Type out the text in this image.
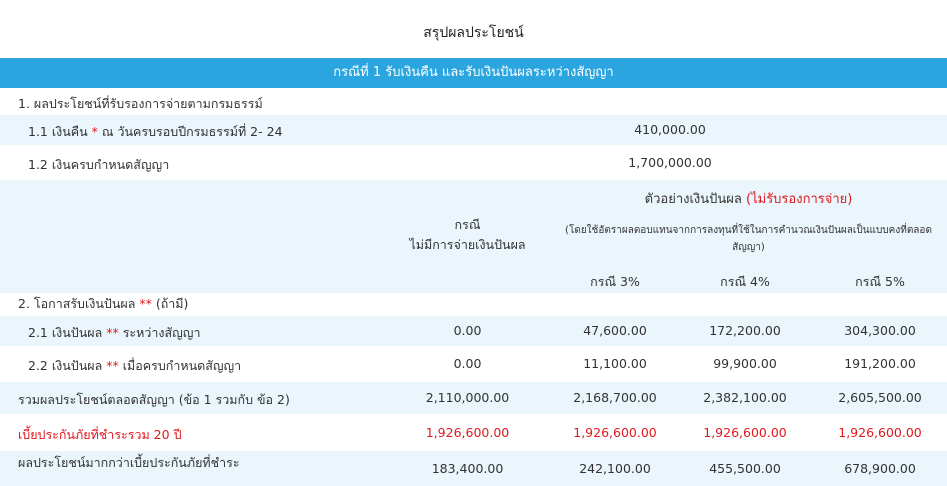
สรุปผลประโยชน์
กรณีที่ 1 รับเงินคืน และรับเงินปันผลระหว่างสัญญา
1. ผลประโยชน์ที่รับรองการจ่ายตามกรมธรรม์
1.1 เงินคืน * ณ วันครบรอบปีกรมธรรม์ที่ 2- 24	410,000.00
1.2 เงินครบกำหนดสัญญา	1,700,000.00
กรณี
ไม่มีการจ่ายเงินปันผล
ตัวอย่างเงินปันผล (ไม่รับรองการจ่าย)
(โดยใช้อัตราผลตอบแทนจากการลงทุนที่ใช้ในการคำนวณเงินปันผลเป็นแบบคงที่ตลอด
สัญญา)
กรณี 3%	กรณี 4%	กรณี 5%
2. โอกาสรับเงินปันผล ** (ถ้ามี)
2.1 เงินปันผล ** ระหว่างสัญญา	0.00	47,600.00	172,200.00	304,300.00
2.2 เงินปันผล ** เมื่อครบกำหนดสัญญา	0.00	11,100.00	99,900.00	191,200.00
รวมผลประโยชน์ตลอดสัญญา (ข้อ 1 รวมกับ ข้อ 2)	2,110,000.00	2,168,700.00	2,382,100.00	2,605,500.00
เบี้ยประกันภัยที่ชำระรวม 20 ปี	1,926,600.00	1,926,600.00	1,926,600.00	1,926,600.00
ผลประโยชน์มากกว่าเบี้ยประกันภัยที่ชำระ	183,400.00	242,100.00	455,500.00	678,900.00
